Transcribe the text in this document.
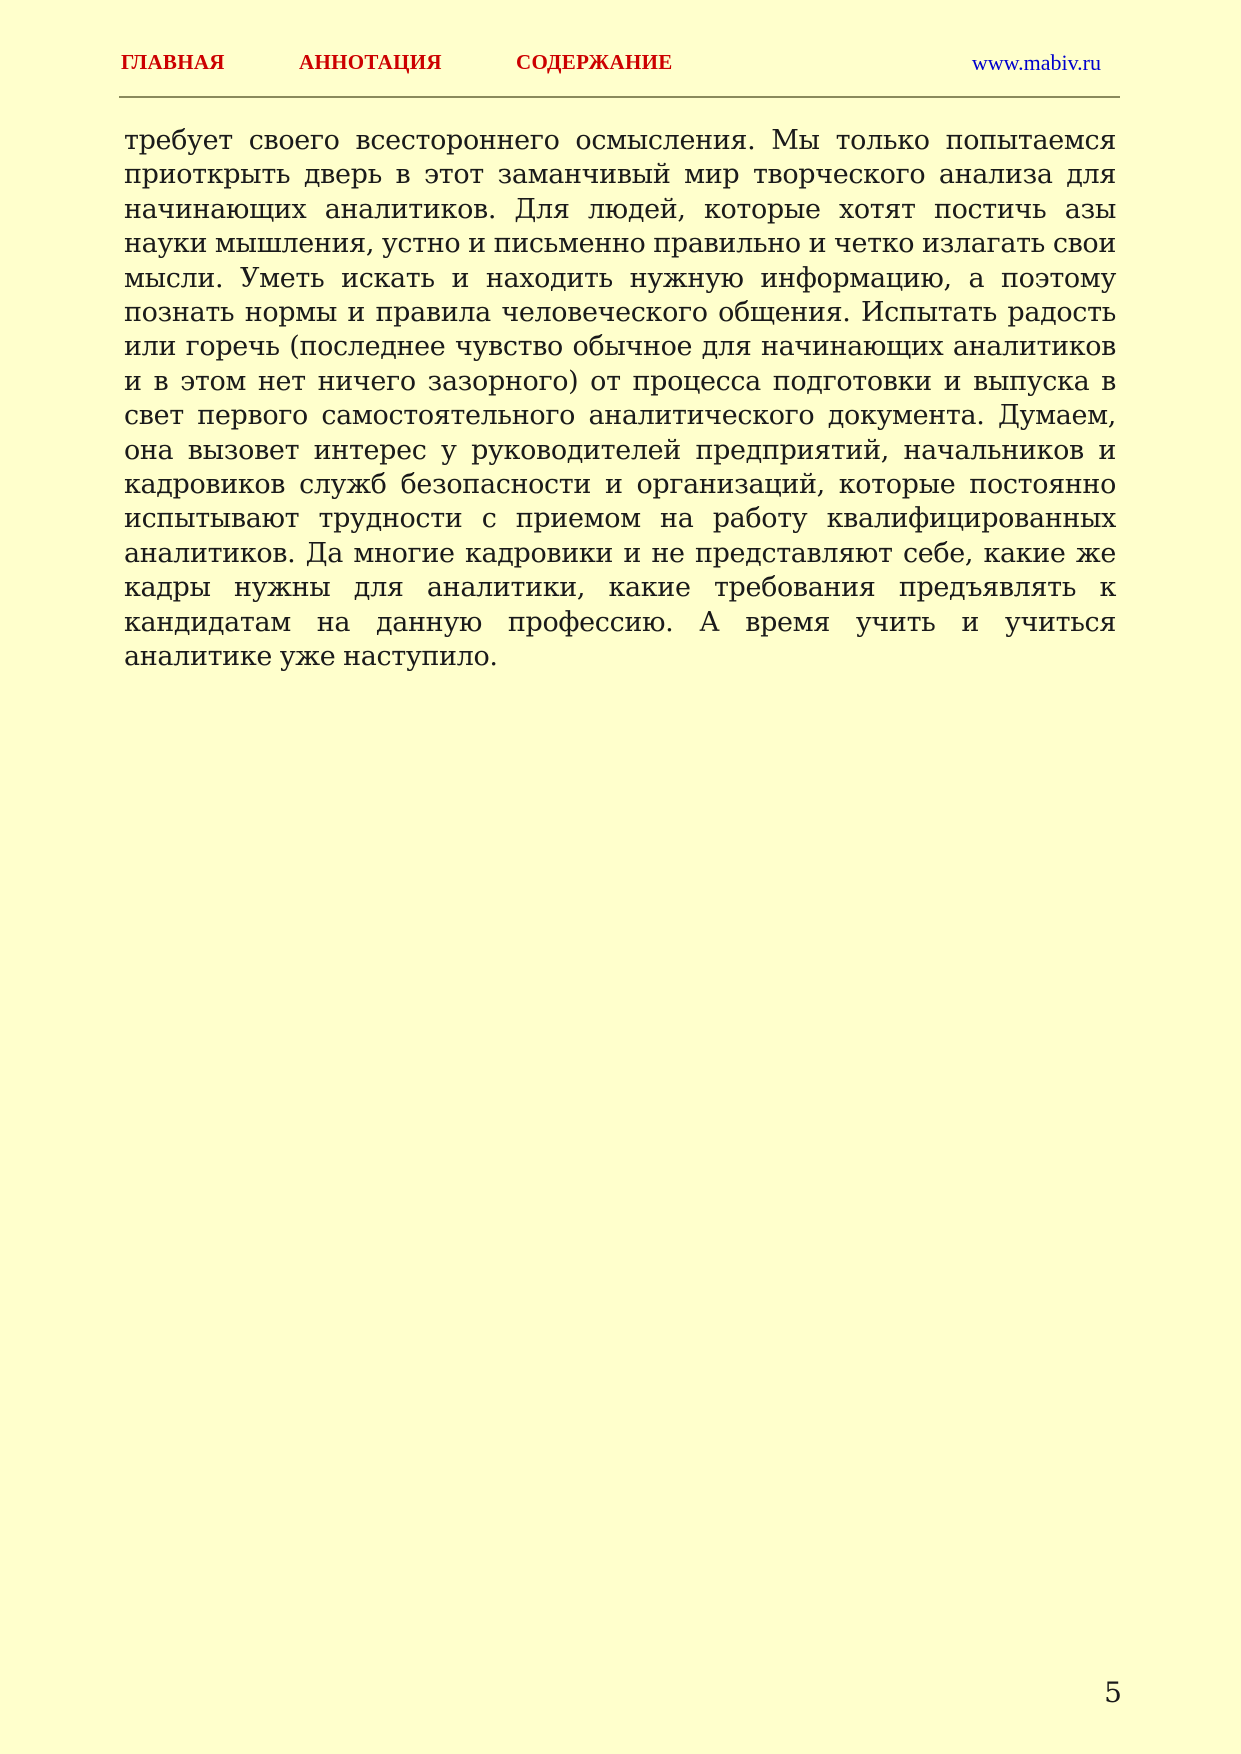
ГЛАВНАЯ	АННОТАЦИЯ	СОДЕРЖАНИЕ	www.mabiv.ru

требует своего всестороннего осмысления. Мы только попытаемся приоткрыть дверь в этот заманчивый мир творческого анализа для начинающих аналитиков. Для людей, которые хотят постичь азы науки мышления, устно и письменно правильно и четко излагать свои мысли. Уметь искать и находить нужную информацию, а поэтому познать нормы и правила человеческого общения. Испытать радость или горечь (последнее чувство обычное для начинающих аналитиков и в этом нет ничего зазорного) от процесса подготовки и выпуска в свет первого самостоятельного аналитического документа. Думаем, она вызовет интерес у руководителей предприятий, начальников и кадровиков служб безопасности и организаций, которые постоянно испытывают трудности с приемом на работу квалифицированных аналитиков. Да многие кадровики и не представляют себе, какие же кадры нужны для аналитики, какие требования предъявлять к кандидатам на данную профессию. А время учить и учиться аналитике уже наступило.

5
